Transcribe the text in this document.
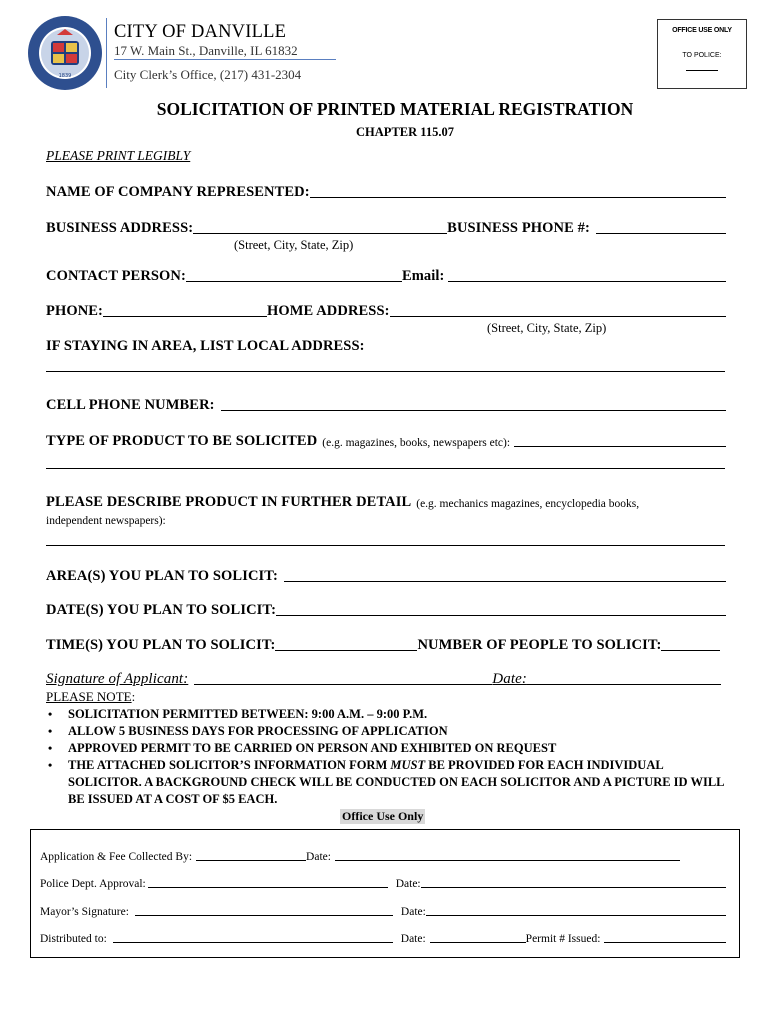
1839
CITY OF DANVILLE
17 W. Main St., Danville, IL 61832
City Clerk’s Office, (217) 431-2304
OFFICE USE ONLY
TO POLICE:
SOLICITATION OF PRINTED MATERIAL REGISTRATION
CHAPTER 115.07
PLEASE PRINT LEGIBLY
NAME OF COMPANY REPRESENTED:
BUSINESS ADDRESS:	BUSINESS PHONE #:
(Street, City, State, Zip)
CONTACT PERSON:	Email:
PHONE:	HOME ADDRESS:
(Street, City, State, Zip)
IF STAYING IN AREA, LIST LOCAL ADDRESS:
CELL PHONE NUMBER:
TYPE OF PRODUCT TO BE SOLICITED (e.g. magazines, books, newspapers etc):
PLEASE DESCRIBE PRODUCT IN FURTHER DETAIL (e.g. mechanics magazines, encyclopedia books,
independent newspapers):
AREA(S) YOU PLAN TO SOLICIT:
DATE(S) YOU PLAN TO SOLICIT:
TIME(S) YOU PLAN TO SOLICIT:	NUMBER OF PEOPLE TO SOLICIT:
Signature of Applicant:	Date:
PLEASE NOTE:
• SOLICITATION PERMITTED BETWEEN: 9:00 A.M. – 9:00 P.M.
• ALLOW 5 BUSINESS DAYS FOR PROCESSING OF APPLICATION
• APPROVED PERMIT TO BE CARRIED ON PERSON AND EXHIBITED ON REQUEST
• THE ATTACHED SOLICITOR’S INFORMATION FORM MUST BE PROVIDED FOR EACH INDIVIDUAL SOLICITOR. A BACKGROUND CHECK WILL BE CONDUCTED ON EACH SOLICITOR AND A PICTURE ID WILL BE ISSUED AT A COST OF $5 EACH.
Office Use Only
Application & Fee Collected By:	Date:
Police Dept. Approval:	Date:
Mayor’s Signature:	Date:
Distributed to:	Date:	Permit # Issued:
